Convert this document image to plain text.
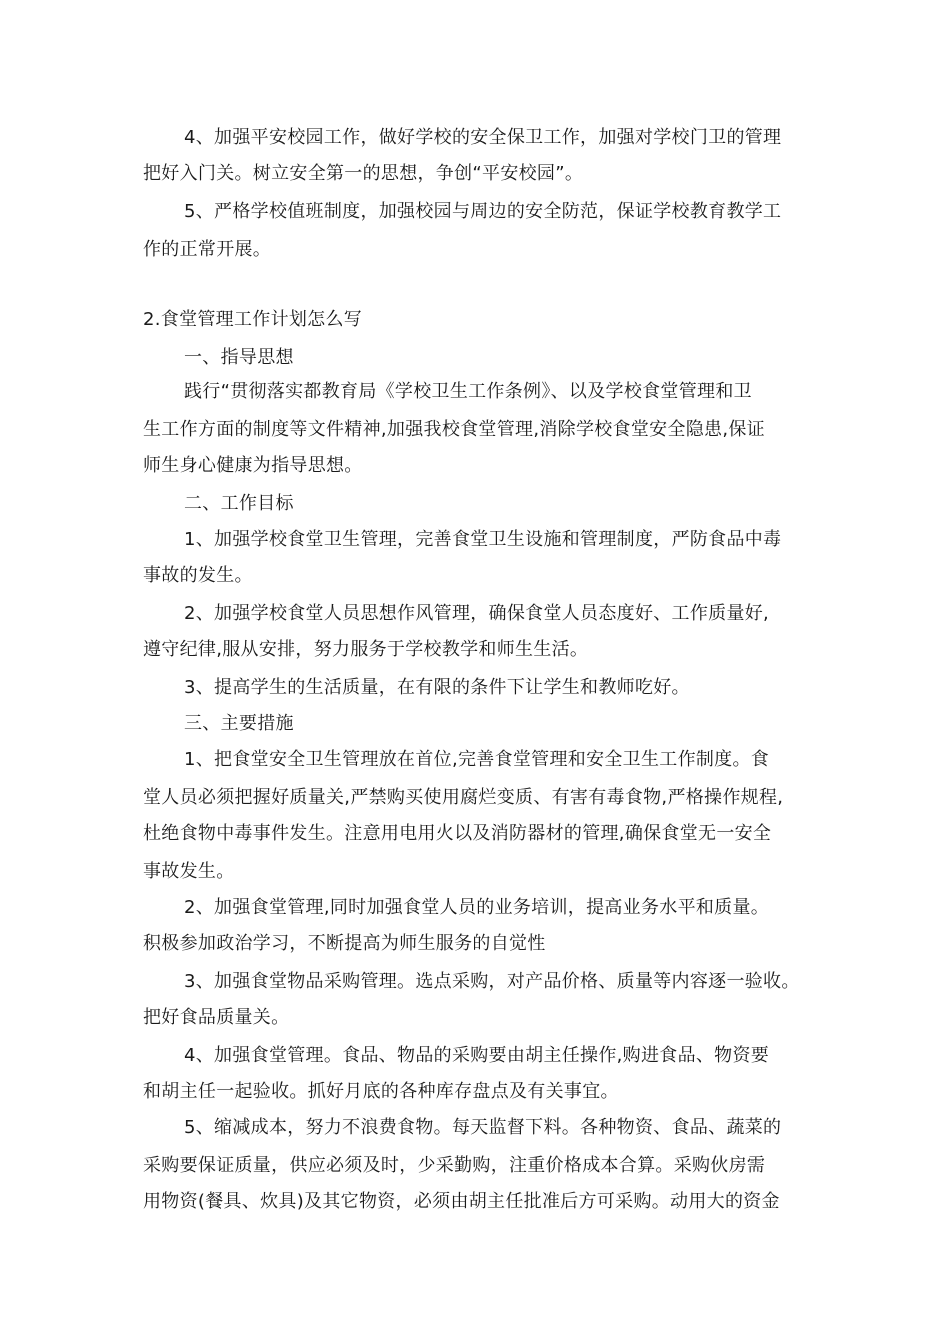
4、加强平安校园工作，做好学校的安全保卫工作，加强对学校门卫的管理
把好入门关。树立安全第一的思想，争创“平安校园”。
5、严格学校值班制度，加强校园与周边的安全防范，保证学校教育教学工
作的正常开展。
2.食堂管理工作计划怎么写
一、指导思想
践行“贯彻落实都教育局《学校卫生工作条例》、以及学校食堂管理和卫
生工作方面的制度等文件精神,加强我校食堂管理,消除学校食堂安全隐患,保证
师生身心健康为指导思想。
二、工作目标
1、加强学校食堂卫生管理，完善食堂卫生设施和管理制度，严防食品中毒
事故的发生。
2、加强学校食堂人员思想作风管理，确保食堂人员态度好、工作质量好,
遵守纪律,服从安排，努力服务于学校教学和师生生活。
3、提高学生的生活质量，在有限的条件下让学生和教师吃好。
三、主要措施
1、把食堂安全卫生管理放在首位,完善食堂管理和安全卫生工作制度。食
堂人员必须把握好质量关,严禁购买使用腐烂变质、有害有毒食物,严格操作规程,
杜绝食物中毒事件发生。注意用电用火以及消防器材的管理,确保食堂无一安全
事故发生。
2、加强食堂管理,同时加强食堂人员的业务培训，提高业务水平和质量。
积极参加政治学习，不断提高为师生服务的自觉性
3、加强食堂物品采购管理。选点采购，对产品价格、质量等内容逐一验收。
把好食品质量关。
4、加强食堂管理。食品、物品的采购要由胡主任操作,购进食品、物资要
和胡主任一起验收。抓好月底的各种库存盘点及有关事宜。
5、缩减成本，努力不浪费食物。每天监督下料。各种物资、食品、蔬菜的
采购要保证质量，供应必须及时，少采勤购，注重价格成本合算。采购伙房需
用物资(餐具、炊具)及其它物资，必须由胡主任批准后方可采购。动用大的资金
